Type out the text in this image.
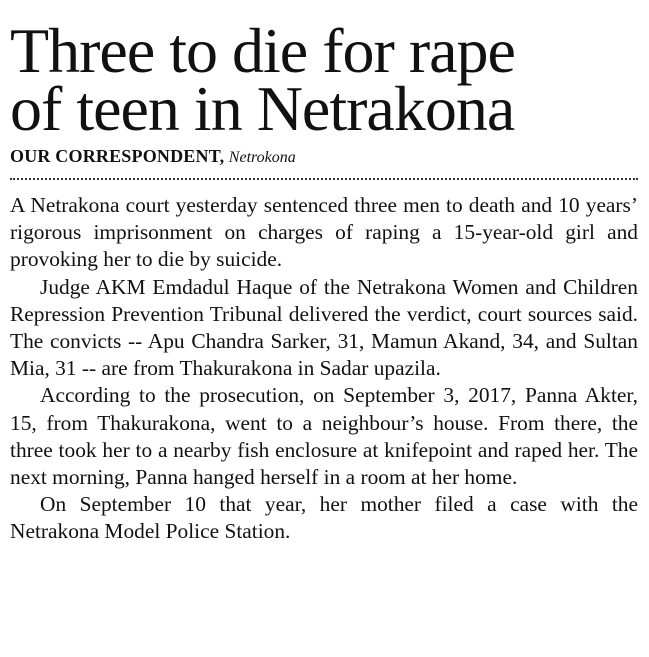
Three to die for rape
of teen in Netrakona
OUR CORRESPONDENT, Netrokona

A Netrakona court yesterday sentenced three men to death and 10 years’ rigorous imprisonment on charges of raping a 15-year-old girl and provoking her to die by suicide.

Judge AKM Emdadul Haque of the Netrakona Women and Children Repression Prevention Tribunal delivered the verdict, court sources said. The convicts -- Apu Chandra Sarker, 31, Mamun Akand, 34, and Sultan Mia, 31 -- are from Thakurakona in Sadar upazila.

According to the prosecution, on September 3, 2017, Panna Akter, 15, from Thakurakona, went to a neighbour’s house. From there, the three took her to a nearby fish enclosure at knifepoint and raped her. The next morning, Panna hanged herself in a room at her home.

On September 10 that year, her mother filed a case with the Netrakona Model Police Station.
